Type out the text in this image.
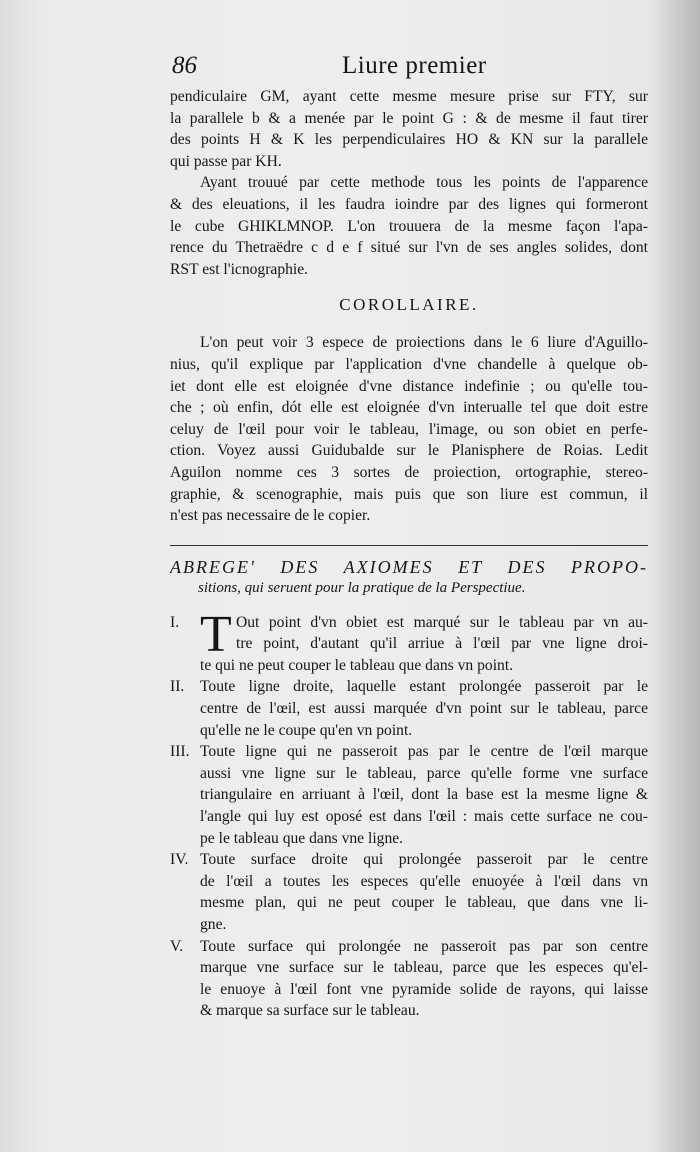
86	Liure premier
pendiculaire GM, ayant cette mesme mesure prise sur FTY, sur
la parallele b & a menée par le point G : & de mesme il faut tirer
des points H & K les perpendiculaires HO & KN sur la parallele
qui passe par KH.
Ayant trouué par cette methode tous les points de l'apparence
& des eleuations, il les faudra ioindre par des lignes qui formeront
le cube GHIKLMNOP. L'on trouuera de la mesme façon l'apa-
rence du Thetraëdre c d e f situé sur l'vn de ses angles solides, dont
RST est l'icnographie.
COROLLAIRE.
L'on peut voir 3 espece de proiections dans le 6 liure d'Aguillo-
nius, qu'il explique par l'application d'vne chandelle à quelque ob-
iet dont elle est eloignée d'vne distance indefinie ; ou qu'elle tou-
che ; où enfin, dót elle est eloignée d'vn interualle tel que doit estre
celuy de l'œil pour voir le tableau, l'image, ou son obiet en perfe-
ction. Voyez aussi Guidubalde sur le Planisphere de Roias. Ledit
Aguilon nomme ces 3 sortes de proiection, ortographie, stereo-
graphie, & scenographie, mais puis que son liure est commun, il
n'est pas necessaire de le copier.
ABREGE' DES AXIOMES ET DES PROPO-
sitions, qui seruent pour la pratique de la Perspectiue.
I. T Out point d'vn obiet est marqué sur le tableau par vn au-
tre point, d'autant qu'il arriue à l'œil par vne ligne droi-
te qui ne peut couper le tableau que dans vn point.
II. Toute ligne droite, laquelle estant prolongée passeroit par le
centre de l'œil, est aussi marquée d'vn point sur le tableau, parce
qu'elle ne le coupe qu'en vn point.
III. Toute ligne qui ne passeroit pas par le centre de l'œil marque
aussi vne ligne sur le tableau, parce qu'elle forme vne surface
triangulaire en arriuant à l'œil, dont la base est la mesme ligne &
l'angle qui luy est oposé est dans l'œil : mais cette surface ne cou-
pe le tableau que dans vne ligne.
IV. Toute surface droite qui prolongée passeroit par le centre
de l'œil a toutes les especes qu'elle enuoyée à l'œil dans vn
mesme plan, qui ne peut couper le tableau, que dans vne li-
gne.
V. Toute surface qui prolongée ne passeroit pas par son centre
marque vne surface sur le tableau, parce que les especes qu'el-
le enuoye à l'œil font vne pyramide solide de rayons, qui laisse
& marque sa surface sur le tableau.
